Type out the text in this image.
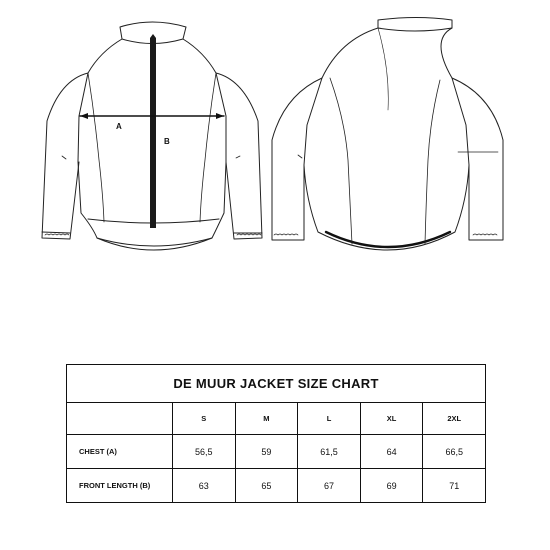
A
B
DE MUUR JACKET SIZE CHART					
	S	M	L	XL	2XL
CHEST (A)	56,5	59	61,5	64	66,5
FRONT LENGTH (B)	63	65	67	69	71
